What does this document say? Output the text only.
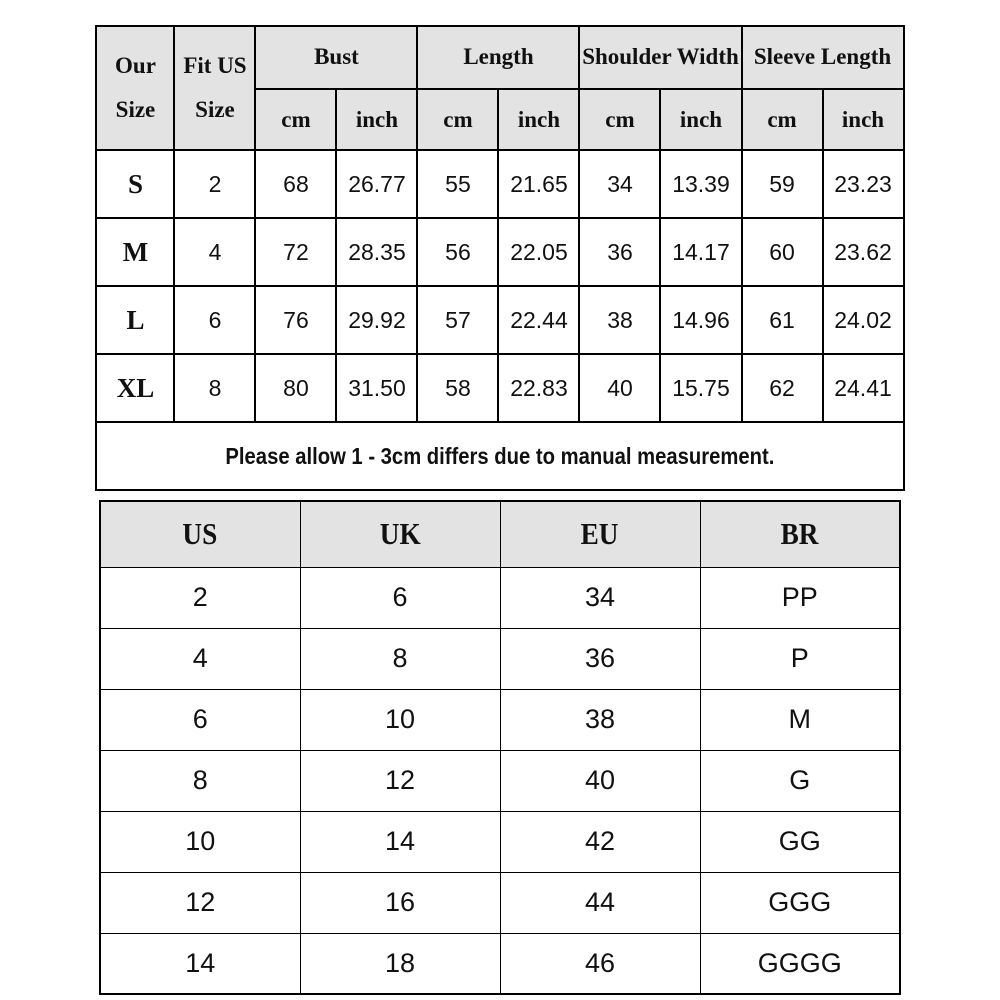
Our Size	Fit US Size	Bust		Length		Shoulder Width		Sleeve Length	
		cm	inch	cm	inch	cm	inch	cm	inch
S	2	68	26.77	55	21.65	34	13.39	59	23.23
M	4	72	28.35	56	22.05	36	14.17	60	23.62
L	6	76	29.92	57	22.44	38	14.96	61	24.02
XL	8	80	31.50	58	22.83	40	15.75	62	24.41
Please allow 1 - 3cm differs due to manual measurement.									
US	UK	EU	BR
2	6	34	PP
4	8	36	P
6	10	38	M
8	12	40	G
10	14	42	GG
12	16	44	GGG
14	18	46	GGGG
